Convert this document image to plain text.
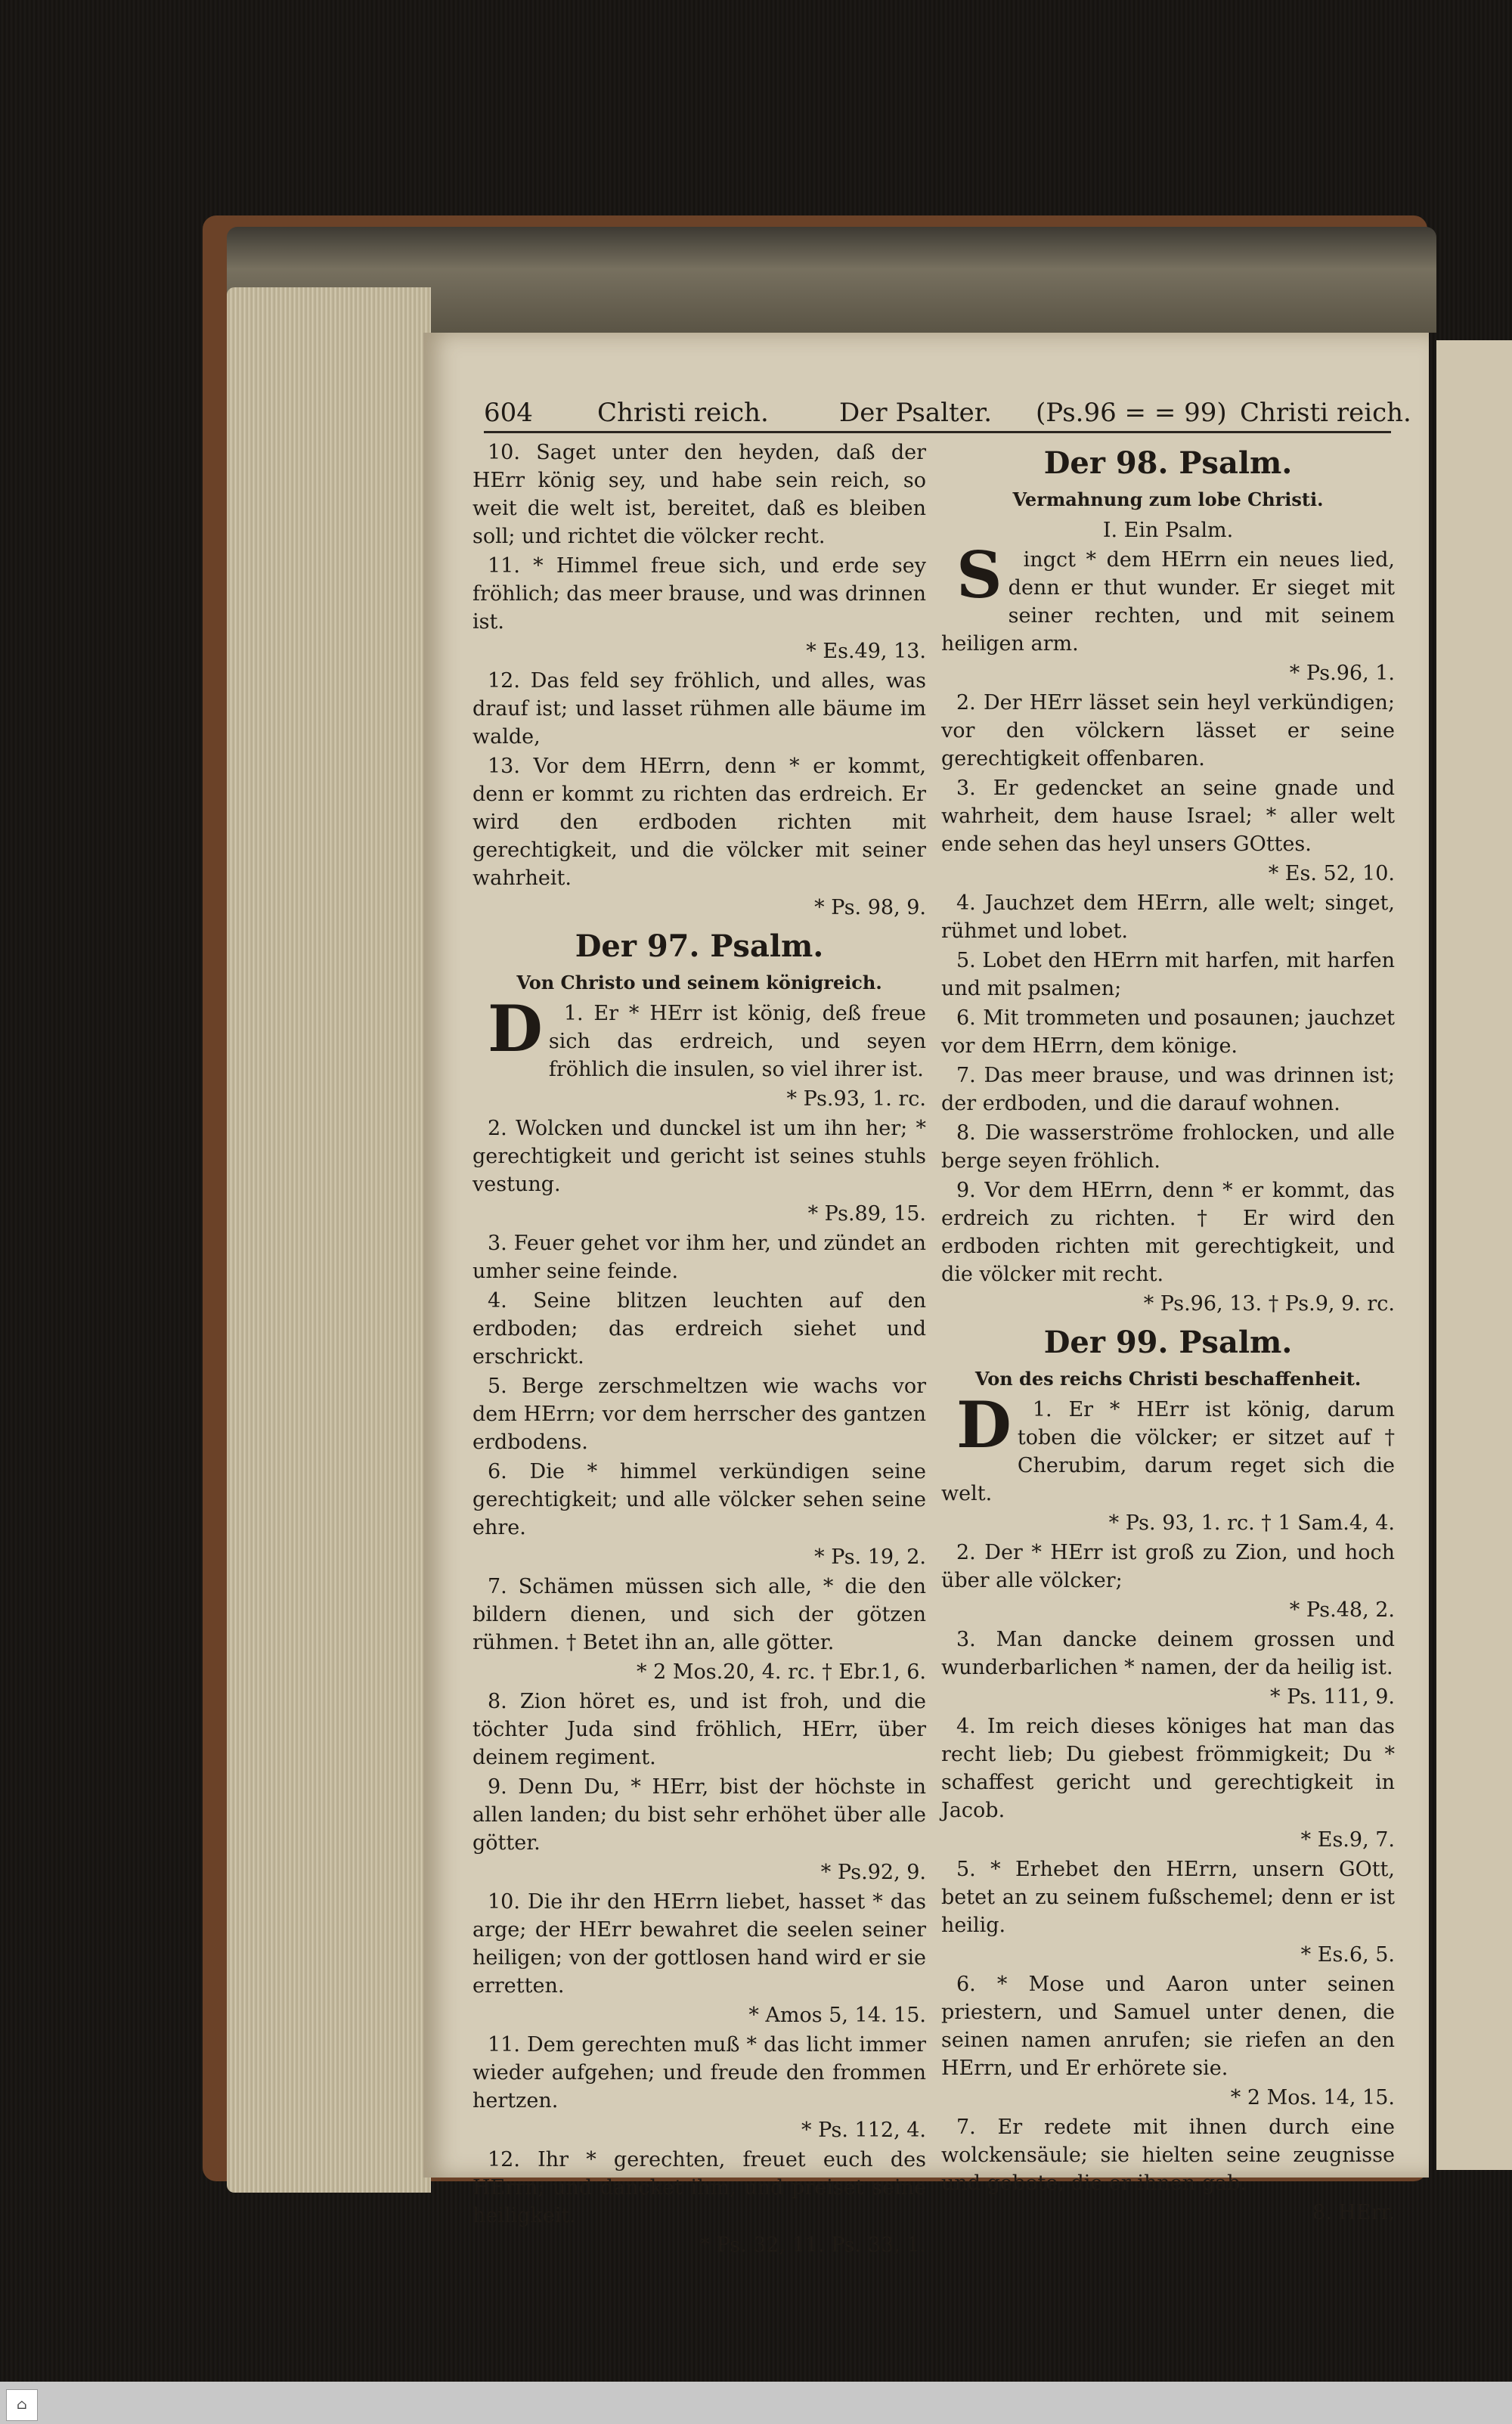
604	Christi reich.	Der Psalter. (Ps.96 = = 99) Christi reich.

10. Saget unter den heyden, daß der HErr könig sey, und habe sein reich, so weit die welt ist, bereitet, daß es bleiben soll; und richtet die völcker recht.

11. * Himmel freue sich, und erde sey fröhlich; das meer brause, und was drinnen ist.

* Es.49, 13.

12. Das feld sey fröhlich, und alles, was drauf ist; und lasset rühmen alle bäume im walde,

13. Vor dem HErrn, denn * er kommt, denn er kommt zu richten das erdreich. Er wird den erdboden richten mit gerechtigkeit, und die völcker mit seiner wahrheit.

* Ps. 98, 9.

Der 97. Psalm.
Von Christo und seinem königreich.

D 1. Er * HErr ist könig, deß freue sich das erdreich, und seyen fröhlich die insulen, so viel ihrer ist.

* Ps.93, 1. rc.

2. Wolcken und dunckel ist um ihn her; * gerechtigkeit und gericht ist seines stuhls vestung.

* Ps.89, 15.

3. Feuer gehet vor ihm her, und zündet an umher seine feinde.

4. Seine blitzen leuchten auf den erdboden; das erdreich siehet und erschrickt.

5. Berge zerschmeltzen wie wachs vor dem HErrn; vor dem herrscher des gantzen erdbodens.

6. Die * himmel verkündigen seine gerechtigkeit; und alle völcker sehen seine ehre.

* Ps. 19, 2.

7. Schämen müssen sich alle, * die den bildern dienen, und sich der götzen rühmen. † Betet ihn an, alle götter.

* 2 Mos.20, 4. rc. † Ebr.1, 6.

8. Zion höret es, und ist froh, und die töchter Juda sind fröhlich, HErr, über deinem regiment.

9. Denn Du, * HErr, bist der höchste in allen landen; du bist sehr erhöhet über alle götter.

* Ps.92, 9.

10. Die ihr den HErrn liebet, hasset * das arge; der HErr bewahret die seelen seiner heiligen; von der gottlosen hand wird er sie erretten.

* Amos 5, 14. 15.

11. Dem gerechten muß * das licht immer wieder aufgehen; und freude den frommen hertzen.

* Ps. 112, 4.

12. Ihr * gerechten, freuet euch des HErrn; und dancket ihm, und preiset seine heiligkeit.

* Ps. 32, 11. Ps. 33, 1.

Der 98. Psalm.
Vermahnung zum lobe Christi.

I. Ein Psalm.

S ingct * dem HErrn ein neues lied, denn er thut wunder. Er sieget mit seiner rechten, und mit seinem heiligen arm.

* Ps.96, 1.

2. Der HErr lässet sein heyl verkündigen; vor den völckern lässet er seine gerechtigkeit offenbaren.

3. Er gedencket an seine gnade und wahrheit, dem hause Israel; * aller welt ende sehen das heyl unsers GOttes.

* Es. 52, 10.

4. Jauchzet dem HErrn, alle welt; singet, rühmet und lobet.

5. Lobet den HErrn mit harfen, mit harfen und mit psalmen;

6. Mit trommeten und posaunen; jauchzet vor dem HErrn, dem könige.

7. Das meer brause, und was drinnen ist; der erdboden, und die darauf wohnen.

8. Die wasserströme frohlocken, und alle berge seyen fröhlich.

9. Vor dem HErrn, denn * er kommt, das erdreich zu richten. † Er wird den erdboden richten mit gerechtigkeit, und die völcker mit recht.

* Ps.96, 13. † Ps.9, 9. rc.

Der 99. Psalm.
Von des reichs Christi beschaffenheit.

D 1. Er * HErr ist könig, darum toben die völcker; er sitzet auf † Cherubim, darum reget sich die welt.

* Ps. 93, 1. rc. † 1 Sam.4, 4.

2. Der * HErr ist groß zu Zion, und hoch über alle völcker;

* Ps.48, 2.

3. Man dancke deinem grossen und wunderbarlichen * namen, der da heilig ist.

* Ps. 111, 9.

4. Im reich dieses königes hat man das recht lieb; Du giebest frömmigkeit; Du * schaffest gericht und gerechtigkeit in Jacob.

* Es.9, 7.

5. * Erhebet den HErrn, unsern GOtt, betet an zu seinem fußschemel; denn er ist heilig.

* Es.6, 5.

6. * Mose und Aaron unter seinen priestern, und Samuel unter denen, die seinen namen anrufen; sie riefen an den HErrn, und Er erhörete sie.

* 2 Mos. 14, 15.

7. Er redete mit ihnen durch eine wolckensäule; sie hielten seine zeugnisse und gebote, die er ihnen gab.

8. HErr,

⌂
